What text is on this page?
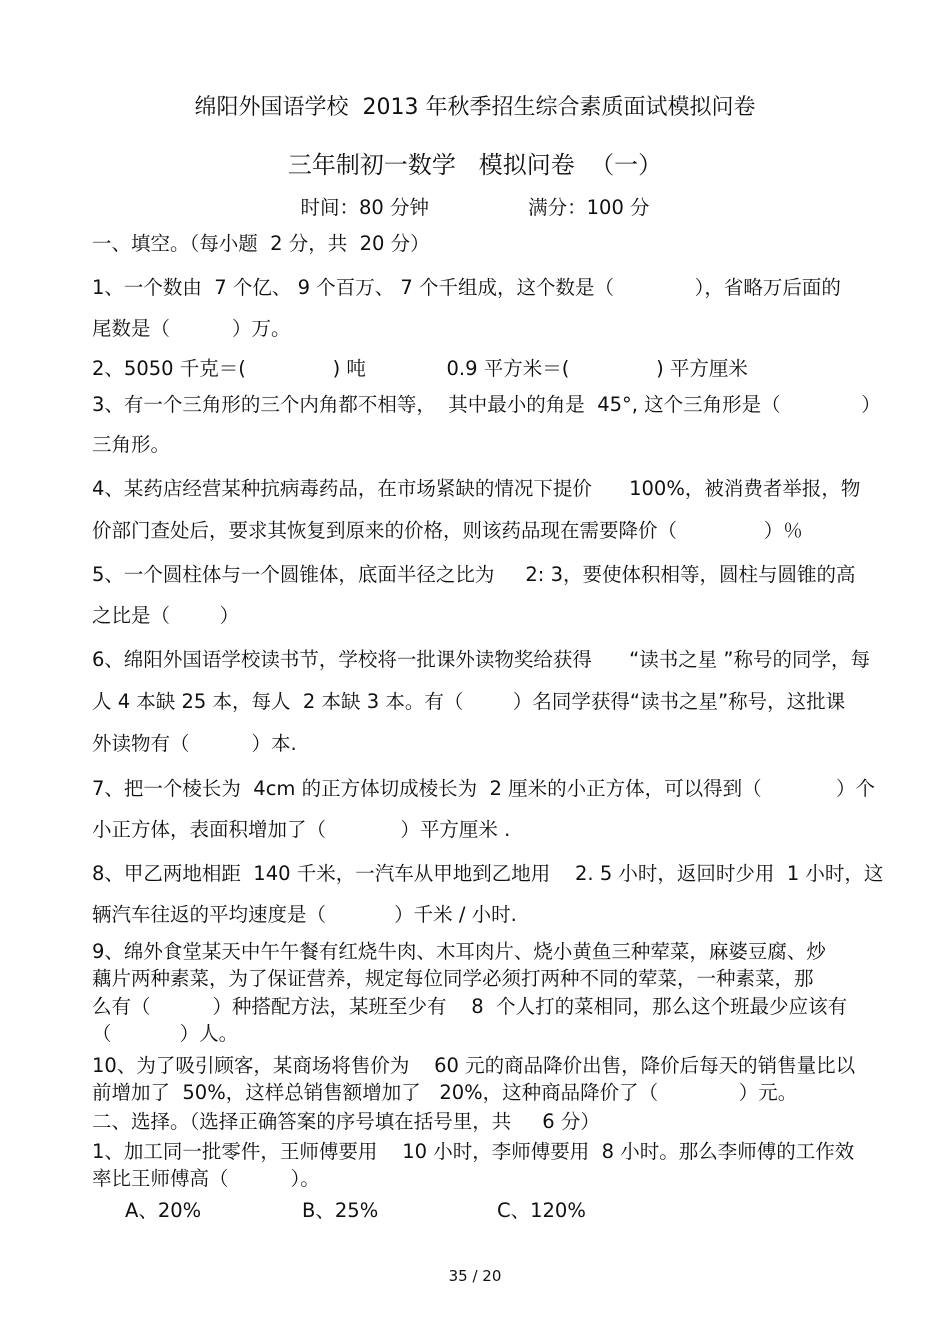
绵阳外国语学校  2013 年秋季招生综合素质面试模拟问卷
三年制初一数学   模拟问卷  （一）
时间：80 分钟                满分：100 分
一、填空。（每小题  2 分，共  20 分）
1、一个数由  7 个亿、 9 个百万、 7 个千组成，这个数是（             ），省略万后面的
尾数是（          ）万。
2、5050 千克＝(              ) 吨             0.9 平方米＝(              ) 平方厘米
3、有一个三角形的三个内角都不相等，  其中最小的角是  45°, 这个三角形是（             ）
三角形。
4、某药店经营某种抗病毒药品，在市场紧缺的情况下提价      100%，被消费者举报，物
价部门查处后，要求其恢复到原来的价格，则该药品现在需要降价（              ）％
5、一个圆柱体与一个圆锥体，底面半径之比为     2: 3，要使体积相等，圆柱与圆锥的高
之比是（        ）
6、绵阳外国语学校读书节，学校将一批课外读物奖给获得      “读书之星 ”称号的同学，每
人 4 本缺 25 本，每人  2 本缺 3 本。有（        ）名同学获得“读书之星”称号，这批课
外读物有（          ）本.
7、把一个棱长为  4cm 的正方体切成棱长为  2 厘米的小正方体，可以得到（            ）个
小正方体，表面积增加了（            ）平方厘米 .
8、甲乙两地相距  140 千米，一汽车从甲地到乙地用    2. 5 小时，返回时少用  1 小时，这
辆汽车往返的平均速度是（           ）千米 / 小时.
9、绵外食堂某天中午午餐有红烧牛肉、木耳肉片、烧小黄鱼三种荤菜，麻婆豆腐、炒
藕片两种素菜，为了保证营养，规定每位同学必须打两种不同的荤菜，一种素菜，那
么有（          ）种搭配方法，某班至少有    8  个人打的菜相同，那么这个班最少应该有
（           ）人。
10、为了吸引顾客，某商场将售价为    60 元的商品降价出售，降价后每天的销售量比以
前增加了  50%，这样总销售额增加了   20%，这种商品降价了（             ）元。
二、选择。（选择正确答案的序号填在括号里，共     6 分）
1、加工同一批零件，王师傅要用    10 小时，李师傅要用  8 小时。那么李师傅的工作效
率比王师傅高（          ）。
A、20%	B、25%	C、120%
35 / 20
